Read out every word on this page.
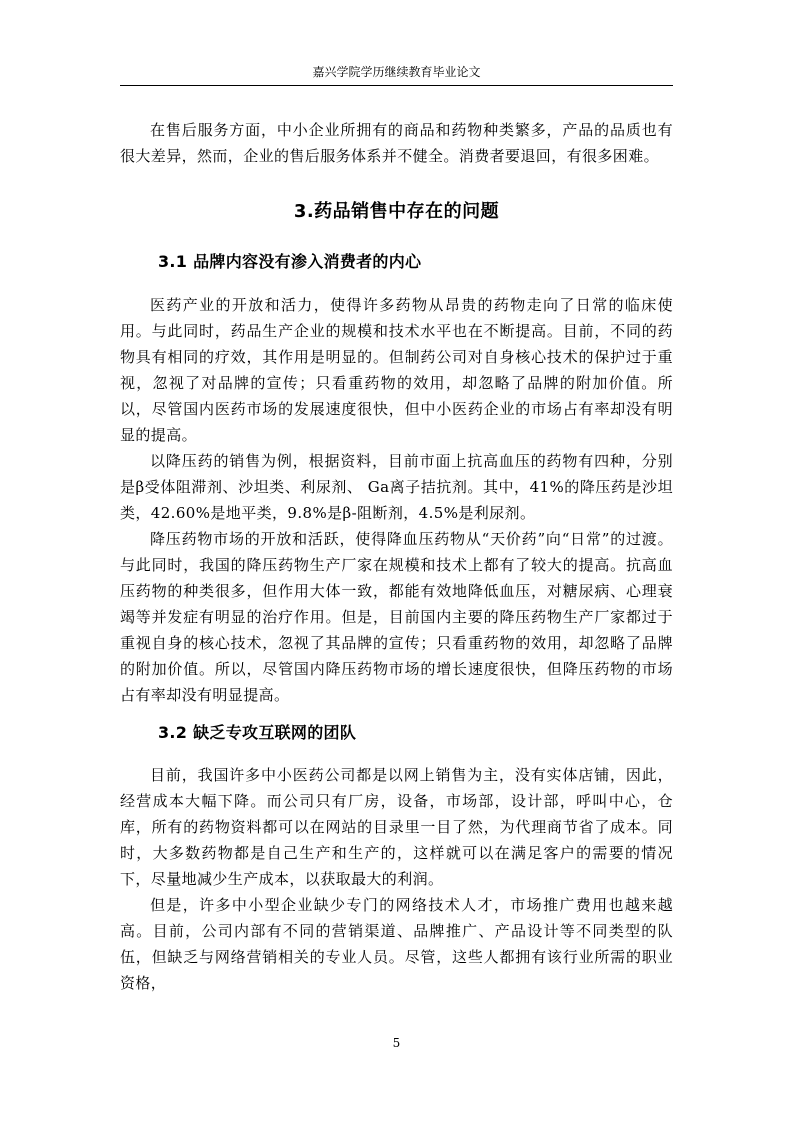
嘉兴学院学历继续教育毕业论文

在售后服务方面，中小企业所拥有的商品和药物种类繁多，产品的品质也有很大差异，然而，企业的售后服务体系并不健全。消费者要退回，有很多困难。

3.药品销售中存在的问题
3.1 品牌内容没有渗入消费者的内心

医药产业的开放和活力，使得许多药物从昂贵的药物走向了日常的临床使用。与此同时，药品生产企业的规模和技术水平也在不断提高。目前，不同的药物具有相同的疗效，其作用是明显的。但制药公司对自身核心技术的保护过于重视，忽视了对品牌的宣传；只看重药物的效用，却忽略了品牌的附加价值。所以，尽管国内医药市场的发展速度很快，但中小医药企业的市场占有率却没有明显的提高。

以降压药的销售为例，根据资料，目前市面上抗高血压的药物有四种，分别是β受体阻滞剂、沙坦类、利尿剂、 Ga离子拮抗剂。其中，41%的降压药是沙坦类，42.60%是地平类，9.8%是β-阻断剂，4.5%是利尿剂。

降压药物市场的开放和活跃，使得降血压药物从“天价药”向“日常”的过渡。与此同时，我国的降压药物生产厂家在规模和技术上都有了较大的提高。抗高血压药物的种类很多，但作用大体一致，都能有效地降低血压，对糖尿病、心理衰竭等并发症有明显的治疗作用。但是，目前国内主要的降压药物生产厂家都过于重视自身的核心技术，忽视了其品牌的宣传；只看重药物的效用，却忽略了品牌的附加价值。所以，尽管国内降压药物市场的增长速度很快，但降压药物的市场占有率却没有明显提高。

3.2 缺乏专攻互联网的团队

目前，我国许多中小医药公司都是以网上销售为主，没有实体店铺，因此，经营成本大幅下降。而公司只有厂房，设备，市场部，设计部，呼叫中心，仓库，所有的药物资料都可以在网站的目录里一目了然，为代理商节省了成本。同时，大多数药物都是自己生产和生产的，这样就可以在满足客户的需要的情况下，尽量地减少生产成本，以获取最大的利润。

但是，许多中小型企业缺少专门的网络技术人才，市场推广费用也越来越高。目前，公司内部有不同的营销渠道、品牌推广、产品设计等不同类型的队伍，但缺乏与网络营销相关的专业人员。尽管，这些人都拥有该行业所需的职业资格，

5
